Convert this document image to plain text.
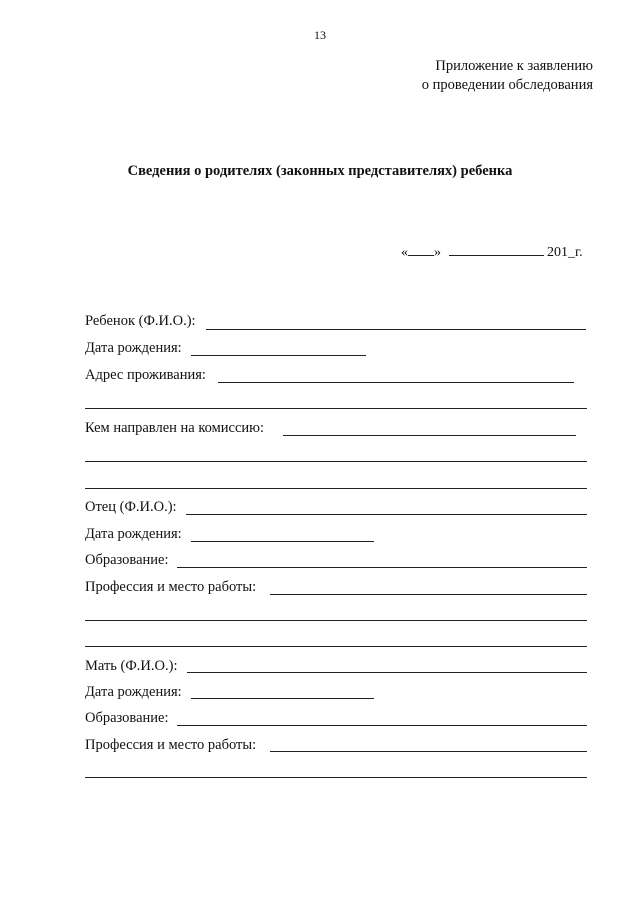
13
Приложение к заявлению
о проведении обследования
Сведения о родителях (законных представителях) ребенка
« »	201_г.
Ребенок (Ф.И.О.):
Дата рождения:
Адрес проживания:
Кем направлен на комиссию:
Отец (Ф.И.О.):
Дата рождения:
Образование:
Профессия и место работы:
Мать (Ф.И.О.):
Дата рождения:
Образование:
Профессия и место работы:
